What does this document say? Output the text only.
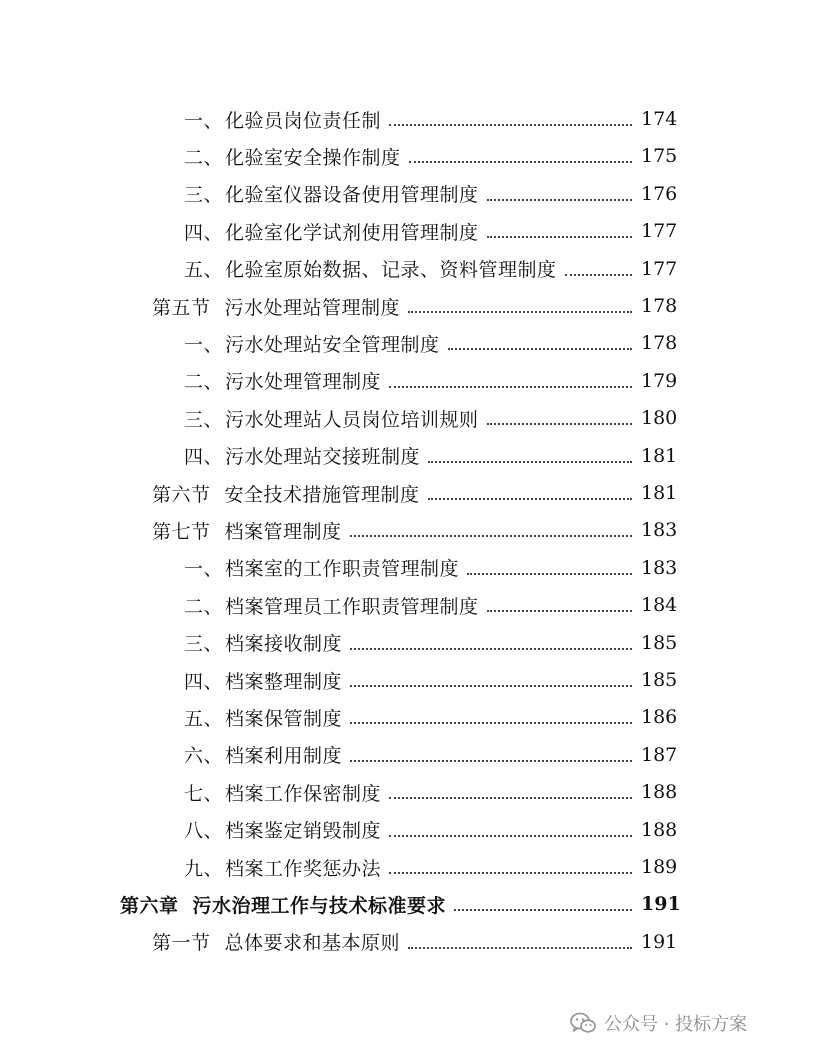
一、 化验员岗位责任制	174
二、 化验室安全操作制度	175
三、 化验室仪器设备使用管理制度	176
四、 化验室化学试剂使用管理制度	177
五、 化验室原始数据、记录、资料管理制度	177
第五节 污水处理站管理制度	178
一、 污水处理站安全管理制度	178
二、 污水处理管理制度	179
三、 污水处理站人员岗位培训规则	180
四、 污水处理站交接班制度	181
第六节 安全技术措施管理制度	181
第七节 档案管理制度	183
一、 档案室的工作职责管理制度	183
二、 档案管理员工作职责管理制度	184
三、 档案接收制度	185
四、 档案整理制度	185
五、 档案保管制度	186
六、 档案利用制度	187
七、 档案工作保密制度	188
八、 档案鉴定销毁制度	188
九、 档案工作奖惩办法	189
第六章 污水治理工作与技术标准要求	191
第一节 总体要求和基本原则	191
公众号 · 投标方案
